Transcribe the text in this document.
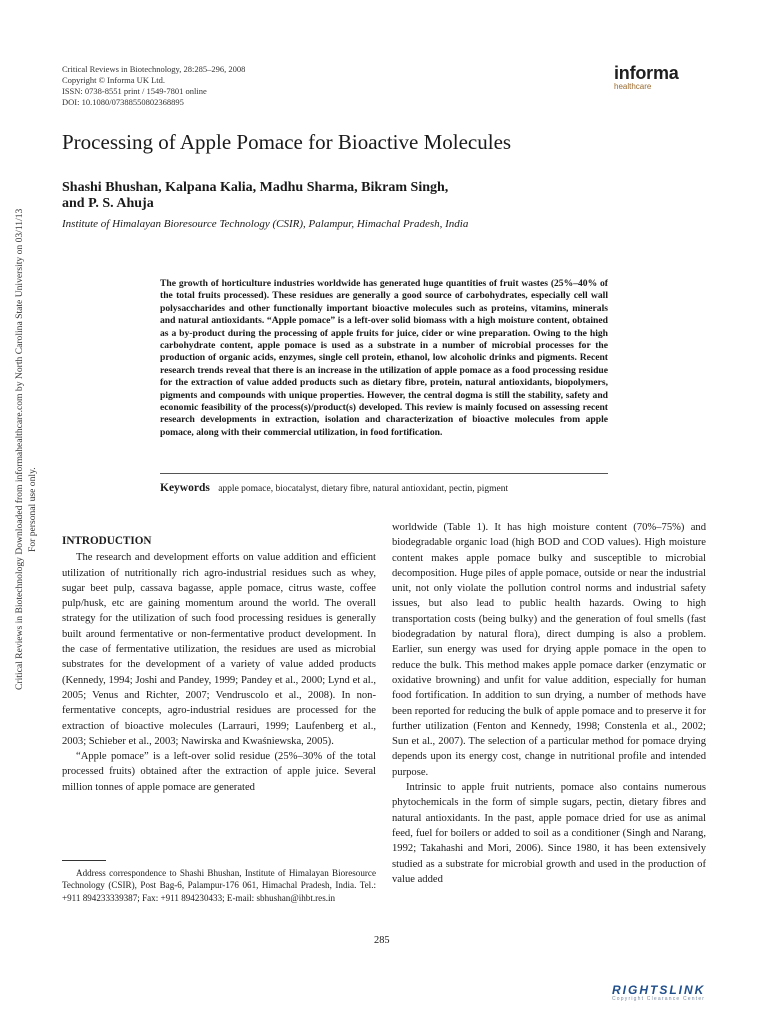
Critical Reviews in Biotechnology Downloaded from informahealthcare.com by North Carolina State University on 03/11/13 For personal use only.
Critical Reviews in Biotechnology, 28:285–296, 2008
Copyright © Informa UK Ltd.
ISSN: 0738-8551 print / 1549-7801 online
DOI: 10.1080/07388550802368895
informa
healthcare
Processing of Apple Pomace for Bioactive Molecules
Shashi Bhushan, Kalpana Kalia, Madhu Sharma, Bikram Singh,
and P. S. Ahuja
Institute of Himalayan Bioresource Technology (CSIR), Palampur, Himachal Pradesh, India
The growth of horticulture industries worldwide has generated huge quantities of fruit wastes (25%–40% of the total fruits processed). These residues are generally a good source of carbohydrates, especially cell wall polysaccharides and other functionally important bioactive molecules such as proteins, vitamins, minerals and natural antioxidants. “Apple pomace” is a left-over solid biomass with a high moisture content, obtained as a by-product during the processing of apple fruits for juice, cider or wine preparation. Owing to the high carbohydrate content, apple pomace is used as a substrate in a number of microbial processes for the production of organic acids, enzymes, single cell protein, ethanol, low alcoholic drinks and pigments. Recent research trends reveal that there is an increase in the utilization of apple pomace as a food processing residue for the extraction of value added products such as dietary fibre, protein, natural antioxidants, biopolymers, pigments and compounds with unique properties. However, the central dogma is still the stability, safety and economic feasibility of the process(s)/product(s) developed. This review is mainly focused on assessing recent research developments in extraction, isolation and characterization of bioactive molecules from apple pomace, along with their commercial utilization, in food fortification.
Keywords apple pomace, biocatalyst, dietary fibre, natural antioxidant, pectin, pigment
INTRODUCTION

The research and development efforts on value addition and efficient utilization of nutritionally rich agro-industrial residues such as whey, sugar beet pulp, cassava bagasse, apple pomace, citrus waste, coffee pulp/husk, etc are gaining momentum around the world. The overall strategy for the utilization of such food processing residues is generally built around fermentative or non-fermentative product development. In the case of fermentative utilization, the residues are used as microbial substrates for the development of a variety of value added products (Kennedy, 1994; Joshi and Pandey, 1999; Pandey et al., 2000; Lynd et al., 2005; Venus and Richter, 2007; Vendruscolo et al., 2008). In non-fermentative concepts, agro-industrial residues are processed for the extraction of bioactive molecules (Larrauri, 1999; Laufenberg et al., 2003; Schieber et al., 2003; Nawirska and Kwaśniewska, 2005).

“Apple pomace” is a left-over solid residue (25%–30% of the total processed fruits) obtained after the extraction of apple juice. Several million tonnes of apple pomace are generated

worldwide (Table 1). It has high moisture content (70%–75%) and biodegradable organic load (high BOD and COD values). High moisture content makes apple pomace bulky and susceptible to microbial decomposition. Huge piles of apple pomace, outside or near the industrial unit, not only violate the pollution control norms and industrial safety issues, but also lead to public health hazards. Owing to high transportation costs (being bulky) and the generation of foul smells (fast biodegradation by natural flora), direct dumping is also a problem. Earlier, sun energy was used for drying apple pomace in the open to reduce the bulk. This method makes apple pomace darker (enzymatic or oxidative browning) and unfit for value addition, especially for human food fortification. In addition to sun drying, a number of methods have been reported for reducing the bulk of apple pomace and to preserve it for further utilization (Fenton and Kennedy, 1998; Constenla et al., 2002; Sun et al., 2007). The selection of a particular method for pomace drying depends upon its energy cost, change in nutritional profile and intended purpose.

Intrinsic to apple fruit nutrients, pomace also contains numerous phytochemicals in the form of simple sugars, pectin, dietary fibres and natural antioxidants. In the past, apple pomace dried for use as animal feed, fuel for boilers or added to soil as a conditioner (Singh and Narang, 1992; Takahashi and Mori, 2006). Since 1980, it has been extensively studied as a substrate for microbial growth and used in the production of value added

Address correspondence to Shashi Bhushan, Institute of Himalayan Bioresource Technology (CSIR), Post Bag-6, Palampur-176 061, Himachal Pradesh, India. Tel.: +911 894233339387; Fax: +911 894230433; E-mail: sbhushan@ihbt.res.in
285
RIGHTSLINK
Copyright Clearance Center
